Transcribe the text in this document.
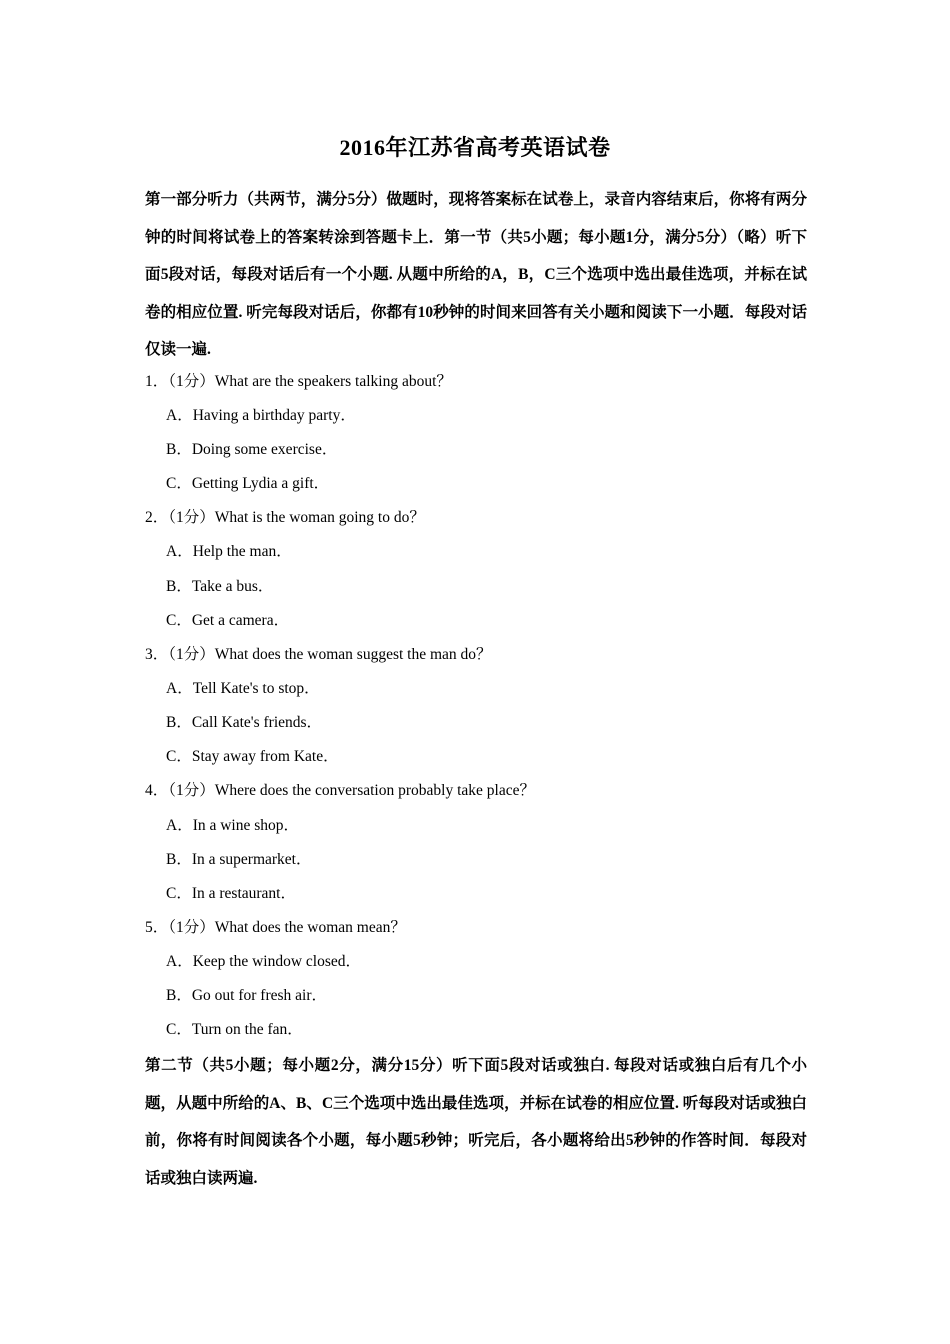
2016年江苏省高考英语试卷
第一部分听力（共两节，满分5分）做题时，现将答案标在试卷上，录音内容结束后，你将有两分钟的时间将试卷上的答案转涂到答题卡上．第一节（共5小题；每小题1分，满分5分）（略）听下面5段对话，每段对话后有一个小题. 从题中所给的A，B，C三个选项中选出最佳选项，并标在试卷的相应位置. 听完每段对话后，你都有10秒钟的时间来回答有关小题和阅读下一小题．每段对话仅读一遍.
1．（1分）What are the speakers talking about？
A．Having a birthday party．
B．Doing some exercise．
C．Getting Lydia a gift．
2．（1分）What is the woman going to do？
A．Help the man．
B．Take a bus．
C．Get a camera．
3．（1分）What does the woman suggest the man do？
A．Tell Kate's to stop．
B．Call Kate's friends．
C．Stay away from Kate．
4．（1分）Where does the conversation probably take place？
A．In a wine shop．
B．In a supermarket．
C．In a restaurant．
5．（1分）What does the woman mean？
A．Keep the window closed．
B．Go out for fresh air．
C．Turn on the fan．
第二节（共5小题；每小题2分，满分15分）听下面5段对话或独白. 每段对话或独白后有几个小题，从题中所给的A、B、C三个选项中选出最佳选项，并标在试卷的相应位置. 听每段对话或独白前，你将有时间阅读各个小题，每小题5秒钟；听完后，各小题将给出5秒钟的作答时间．每段对话或独白读两遍.
